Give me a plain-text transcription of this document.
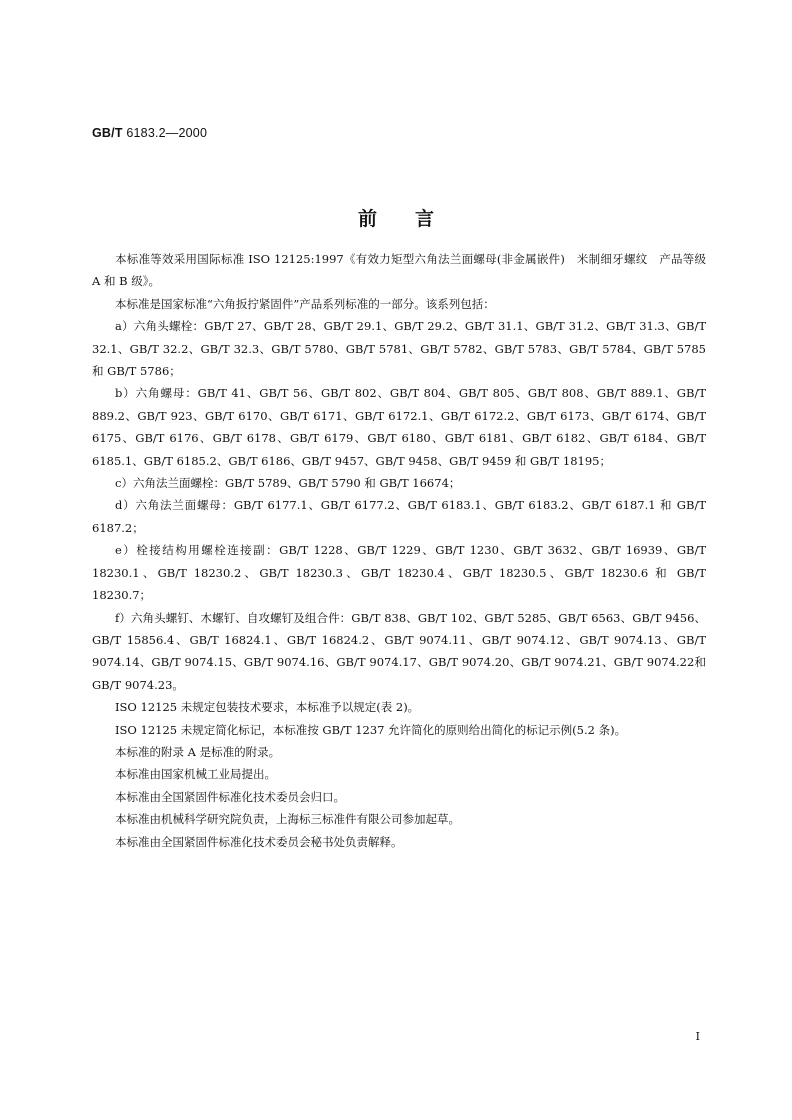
GB/T 6183.2—2000
前言

本标准等效采用国际标准 ISO 12125:1997《有效力矩型六角法兰面螺母(非金属嵌件)　米制细牙螺纹　产品等级 A 和 B 级》。

本标准是国家标准“六角扳拧紧固件”产品系列标准的一部分。该系列包括：

a）六角头螺栓：GB/T 27、GB/T 28、GB/T 29.1、GB/T 29.2、GB/T 31.1、GB/T 31.2、GB/T 31.3、GB/T 32.1、GB/T 32.2、GB/T 32.3、GB/T 5780、GB/T 5781、GB/T 5782、GB/T 5783、GB/T 5784、GB/T 5785 和 GB/T 5786；

b）六角螺母：GB/T 41、GB/T 56、GB/T 802、GB/T 804、GB/T 805、GB/T 808、GB/T 889.1、GB/T 889.2、GB/T 923、GB/T 6170、GB/T 6171、GB/T 6172.1、GB/T 6172.2、GB/T 6173、GB/T 6174、GB/T 6175、GB/T 6176、GB/T 6178、GB/T 6179、GB/T 6180、GB/T 6181、GB/T 6182、GB/T 6184、GB/T 6185.1、GB/T 6185.2、GB/T 6186、GB/T 9457、GB/T 9458、GB/T 9459 和 GB/T 18195；

c）六角法兰面螺栓：GB/T 5789、GB/T 5790 和 GB/T 16674；

d）六角法兰面螺母：GB/T 6177.1、GB/T 6177.2、GB/T 6183.1、GB/T 6183.2、GB/T 6187.1 和 GB/T 6187.2；

e）栓接结构用螺栓连接副：GB/T 1228、GB/T 1229、GB/T 1230、GB/T 3632、GB/T 16939、GB/T 18230.1、GB/T 18230.2、GB/T 18230.3、GB/T 18230.4、GB/T 18230.5、GB/T 18230.6 和 GB/T 18230.7；

f）六角头螺钉、木螺钉、自攻螺钉及组合件：GB/T 838、GB/T 102、GB/T 5285、GB/T 6563、GB/T 9456、GB/T 15856.4、GB/T 16824.1、GB/T 16824.2、GB/T 9074.11、GB/T 9074.12、GB/T 9074.13、GB/T 9074.14、GB/T 9074.15、GB/T 9074.16、GB/T 9074.17、GB/T 9074.20、GB/T 9074.21、GB/T 9074.22和 GB/T 9074.23。

ISO 12125 未规定包装技术要求，本标准予以规定(表 2)。

ISO 12125 未规定简化标记，本标准按 GB/T 1237 允许简化的原则给出简化的标记示例(5.2 条)。

本标准的附录 A 是标准的附录。

本标准由国家机械工业局提出。

本标准由全国紧固件标准化技术委员会归口。

本标准由机械科学研究院负责，上海标三标准件有限公司参加起草。

本标准由全国紧固件标准化技术委员会秘书处负责解释。

I
